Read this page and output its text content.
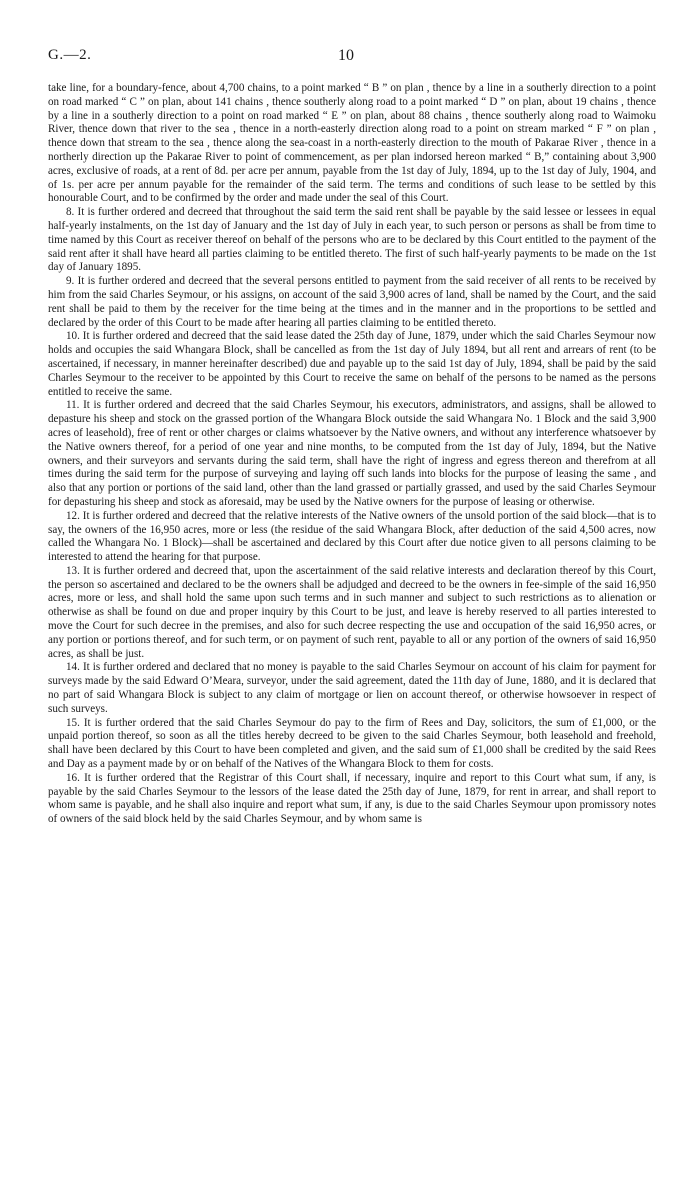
G.—2.	10

take line, for a boundary-fence, about 4,700 chains, to a point marked “ B ” on plan , thence by a line in a southerly direction to a point on road marked “ C ” on plan, about 141 chains , thence southerly along road to a point marked “ D ” on plan, about 19 chains , thence by a line in a southerly direction to a point on road marked “ E ” on plan, about 88 chains , thence southerly along road to Waimoku River, thence down that river to the sea , thence in a north-easterly direction along road to a point on stream marked “ F ” on plan , thence down that stream to the sea , thence along the sea-coast in a north-easterly direction to the mouth of Pakarae River , thence in a northerly direction up the Pakarae River to point of commencement, as per plan indorsed hereon marked “ B,” containing about 3,900 acres, exclusive of roads, at a rent of 8d. per acre per annum, payable from the 1st day of July, 1894, up to the 1st day of July, 1904, and of 1s. per acre per annum payable for the remainder of the said term. The terms and conditions of such lease to be settled by this honourable Court, and to be confirmed by the order and made under the seal of this Court.

8. It is further ordered and decreed that throughout the said term the said rent shall be payable by the said lessee or lessees in equal half-yearly instalments, on the 1st day of January and the 1st day of July in each year, to such person or persons as shall be from time to time named by this Court as receiver thereof on behalf of the persons who are to be declared by this Court entitled to the payment of the said rent after it shall have heard all parties claiming to be entitled thereto. The first of such half-yearly payments to be made on the 1st day of January 1895.

9. It is further ordered and decreed that the several persons entitled to payment from the said receiver of all rents to be received by him from the said Charles Seymour, or his assigns, on account of the said 3,900 acres of land, shall be named by the Court, and the said rent shall be paid to them by the receiver for the time being at the times and in the manner and in the proportions to be settled and declared by the order of this Court to be made after hearing all parties claiming to be entitled thereto.

10. It is further ordered and decreed that the said lease dated the 25th day of June, 1879, under which the said Charles Seymour now holds and occupies the said Whangara Block, shall be cancelled as from the 1st day of July 1894, but all rent and arrears of rent (to be ascertained, if necessary, in manner hereinafter described) due and payable up to the said 1st day of July, 1894, shall be paid by the said Charles Seymour to the receiver to be appointed by this Court to receive the same on behalf of the persons to be named as the persons entitled to receive the same.

11. It is further ordered and decreed that the said Charles Seymour, his executors, administrators, and assigns, shall be allowed to depasture his sheep and stock on the grassed portion of the Whangara Block outside the said Whangara No. 1 Block and the said 3,900 acres of leasehold), free of rent or other charges or claims whatsoever by the Native owners, and without any interference whatsoever by the Native owners thereof, for a period of one year and nine months, to be computed from the 1st day of July, 1894, but the Native owners, and their surveyors and servants during the said term, shall have the right of ingress and egress thereon and therefrom at all times during the said term for the purpose of surveying and laying off such lands into blocks for the purpose of leasing the same , and also that any portion or portions of the said land, other than the land grassed or partially grassed, and used by the said Charles Seymour for depasturing his sheep and stock as aforesaid, may be used by the Native owners for the purpose of leasing or otherwise.

12. It is further ordered and decreed that the relative interests of the Native owners of the unsold portion of the said block—that is to say, the owners of the 16,950 acres, more or less (the residue of the said Whangara Block, after deduction of the said 4,500 acres, now called the Whangara No. 1 Block)—shall be ascertained and declared by this Court after due notice given to all persons claiming to be interested to attend the hearing for that purpose.

13. It is further ordered and decreed that, upon the ascertainment of the said relative interests and declaration thereof by this Court, the person so ascertained and declared to be the owners shall be adjudged and decreed to be the owners in fee-simple of the said 16,950 acres, more or less, and shall hold the same upon such terms and in such manner and subject to such restrictions as to alienation or otherwise as shall be found on due and proper inquiry by this Court to be just, and leave is hereby reserved to all parties interested to move the Court for such decree in the premises, and also for such decree respecting the use and occupation of the said 16,950 acres, or any portion or portions thereof, and for such term, or on payment of such rent, payable to all or any portion of the owners of said 16,950 acres, as shall be just.

14. It is further ordered and declared that no money is payable to the said Charles Seymour on account of his claim for payment for surveys made by the said Edward O’Meara, surveyor, under the said agreement, dated the 11th day of June, 1880, and it is declared that no part of said Whangara Block is subject to any claim of mortgage or lien on account thereof, or otherwise howsoever in respect of such surveys.

15. It is further ordered that the said Charles Seymour do pay to the firm of Rees and Day, solicitors, the sum of £1,000, or the unpaid portion thereof, so soon as all the titles hereby decreed to be given to the said Charles Seymour, both leasehold and freehold, shall have been declared by this Court to have been completed and given, and the said sum of £1,000 shall be credited by the said Rees and Day as a payment made by or on behalf of the Natives of the Whangara Block to them for costs.

16. It is further ordered that the Registrar of this Court shall, if necessary, inquire and report to this Court what sum, if any, is payable by the said Charles Seymour to the lessors of the lease dated the 25th day of June, 1879, for rent in arrear, and shall report to whom same is payable, and he shall also inquire and report what sum, if any, is due to the said Charles Seymour upon promissory notes of owners of the said block held by the said Charles Seymour, and by whom same is
